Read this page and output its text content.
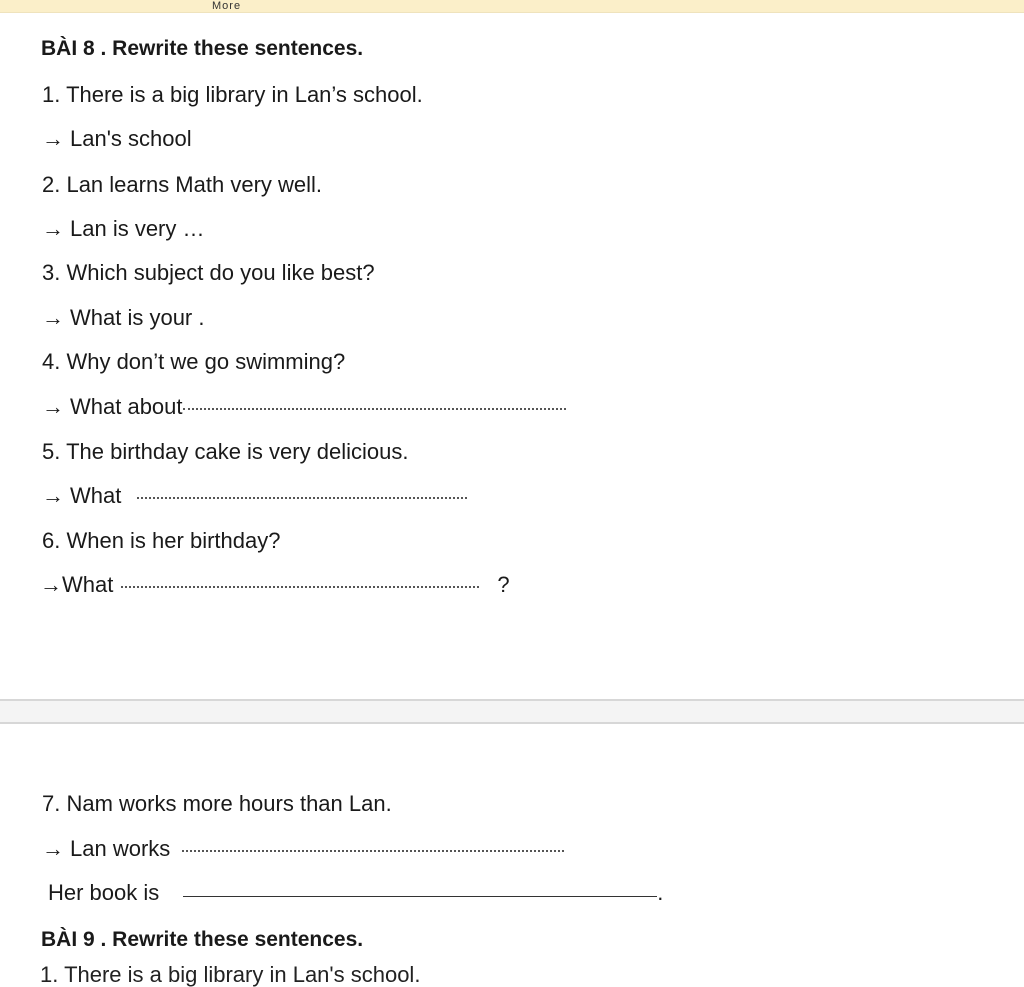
More
BÀI 8 . Rewrite these sentences.
1. There is a big library in Lan’s school.
→ Lan's school
2. Lan learns Math very well.
→ Lan is very …
3. Which subject do you like best?
→ What is your .
4. Why don’t we go swimming?
→ What about
5. The birthday cake is very delicious.
→ What
6. When is her birthday?
→What	?
7. Nam works more hours than Lan.
→ Lan works
Her book is	.
BÀI 9 . Rewrite these sentences.
1. There is a big library in Lan's school.
